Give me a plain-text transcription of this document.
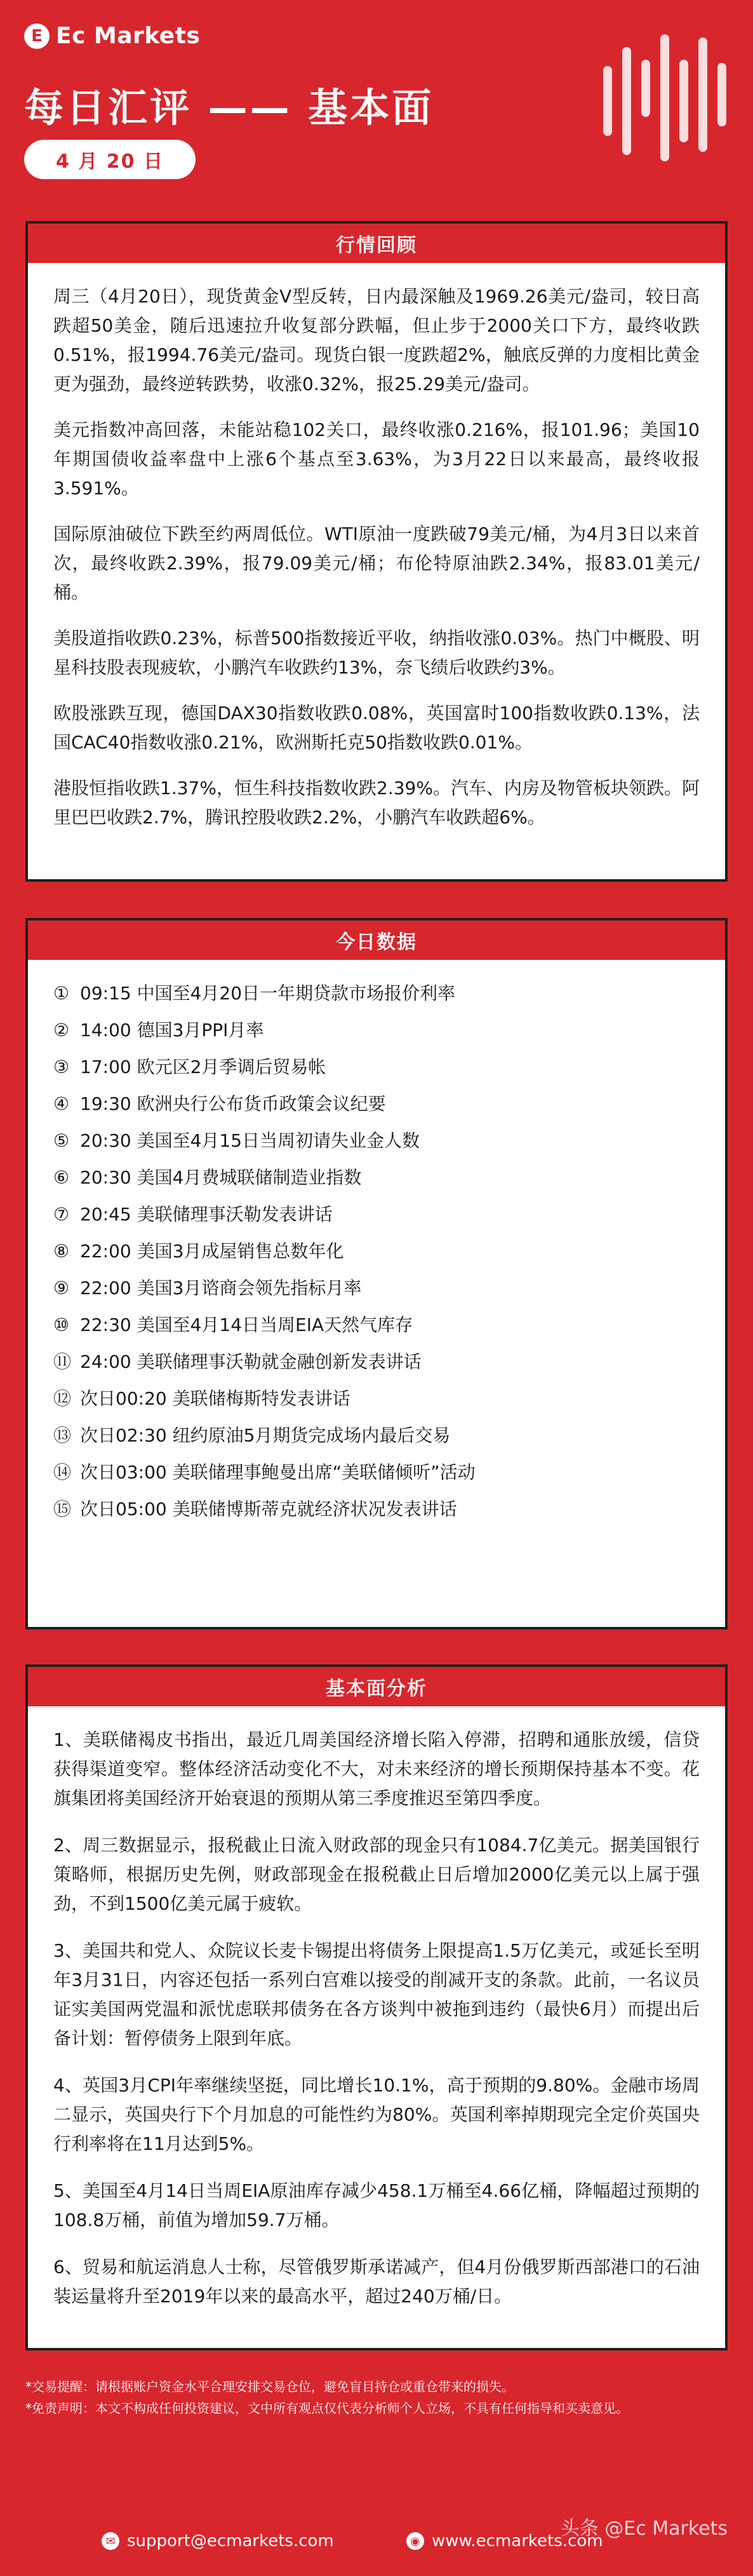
E Ec Markets
每日汇评 —— 基本面
4 月 20 日
行情回顾

周三（4月20日），现货黄金V型反转，日内最深触及1969.26美元/盎司，较日高跌超50美金，随后迅速拉升收复部分跌幅，但止步于2000关口下方，最终收跌0.51%，报1994.76美元/盎司。现货白银一度跌超2%，触底反弹的力度相比黄金更为强劲，最终逆转跌势，收涨0.32%，报25.29美元/盎司。

美元指数冲高回落，未能站稳102关口，最终收涨0.216%，报101.96；美国10年期国债收益率盘中上涨6个基点至3.63%，为3月22日以来最高，最终收报3.591%。

国际原油破位下跌至约两周低位。WTI原油一度跌破79美元/桶，为4月3日以来首次，最终收跌2.39%，报79.09美元/桶；布伦特原油跌2.34%，报83.01美元/桶。

美股道指收跌0.23%，标普500指数接近平收，纳指收涨0.03%。热门中概股、明星科技股表现疲软，小鹏汽车收跌约13%，奈飞绩后收跌约3%。

欧股涨跌互现，德国DAX30指数收跌0.08%，英国富时100指数收跌0.13%，法国CAC40指数收涨0.21%，欧洲斯托克50指数收跌0.01%。

港股恒指收跌1.37%，恒生科技指数收跌2.39%。汽车、内房及物管板块领跌。阿里巴巴收跌2.7%，腾讯控股收跌2.2%，小鹏汽车收跌超6%。

今日数据
① 09:15 中国至4月20日一年期贷款市场报价利率
② 14:00 德国3月PPI月率
③ 17:00 欧元区2月季调后贸易帐
④ 19:30 欧洲央行公布货币政策会议纪要
⑤ 20:30 美国至4月15日当周初请失业金人数
⑥ 20:30 美国4月费城联储制造业指数
⑦ 20:45 美联储理事沃勒发表讲话
⑧ 22:00 美国3月成屋销售总数年化
⑨ 22:00 美国3月谘商会领先指标月率
⑩ 22:30 美国至4月14日当周EIA天然气库存
⑪ 24:00 美联储理事沃勒就金融创新发表讲话
⑫ 次日00:20 美联储梅斯特发表讲话
⑬ 次日02:30 纽约原油5月期货完成场内最后交易
⑭ 次日03:00 美联储理事鲍曼出席“美联储倾听”活动
⑮ 次日05:00 美联储博斯蒂克就经济状况发表讲话
基本面分析

1、美联储褐皮书指出，最近几周美国经济增长陷入停滞，招聘和通胀放缓，信贷获得渠道变窄。整体经济活动变化不大，对未来经济的增长预期保持基本不变。花旗集团将美国经济开始衰退的预期从第三季度推迟至第四季度。

2、周三数据显示，报税截止日流入财政部的现金只有1084.7亿美元。据美国银行策略师，根据历史先例，财政部现金在报税截止日后增加2000亿美元以上属于强劲，不到1500亿美元属于疲软。

3、美国共和党人、众院议长麦卡锡提出将债务上限提高1.5万亿美元，或延长至明年3月31日，内容还包括一系列白宫难以接受的削减开支的条款。此前，一名议员证实美国两党温和派忧虑联邦债务在各方谈判中被拖到违约（最快6月）而提出后备计划：暂停债务上限到年底。

4、英国3月CPI年率继续坚挺，同比增长10.1%，高于预期的9.80%。金融市场周二显示，英国央行下个月加息的可能性约为80%。英国利率掉期现完全定价英国央行利率将在11月达到5%。

5、美国至4月14日当周EIA原油库存减少458.1万桶至4.66亿桶，降幅超过预期的108.8万桶，前值为增加59.7万桶。

6、贸易和航运消息人士称，尽管俄罗斯承诺减产，但4月份俄罗斯西部港口的石油装运量将升至2019年以来的最高水平，超过240万桶/日。

*交易提醒：请根据账户资金水平合理安排交易仓位，避免盲目持仓或重仓带来的损失。

*免责声明：本文不构成任何投资建议，文中所有观点仅代表分析师个人立场，不具有任何指导和买卖意见。

✉ support@ecmarkets.com	◉ www.ecmarkets.com
头条 @Ec Markets
